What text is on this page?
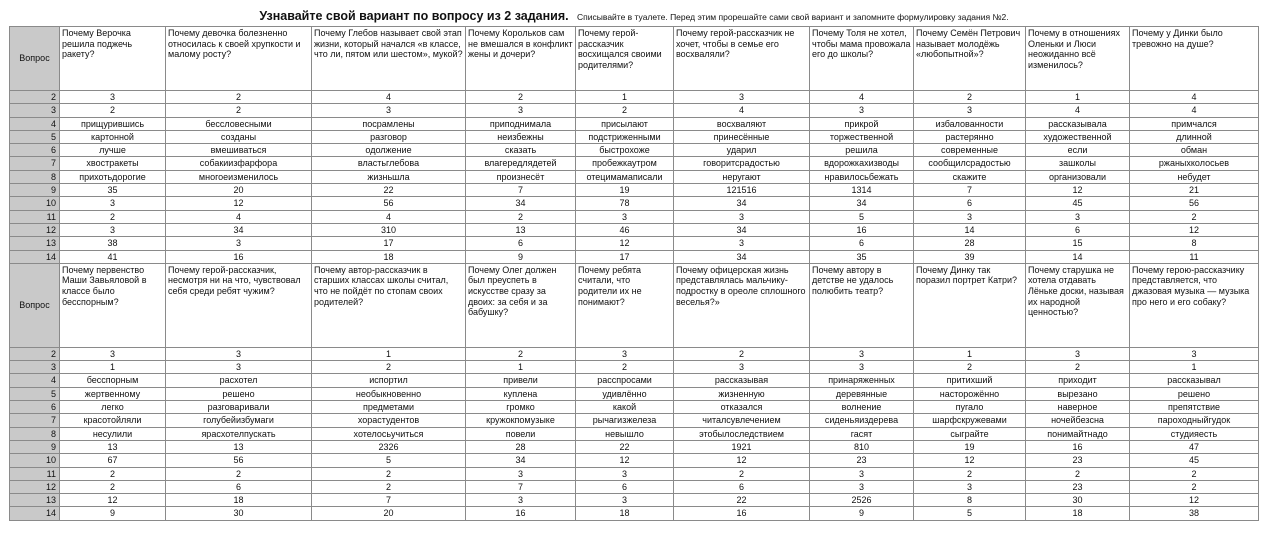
Узнавайте свой вариант по вопросу из 2 задания. Списывайте в туалете. Перед этим прорешайте сами свой вариант и запомните формулировку задания №2.
Вопрос	Почему Верочка решила поджечь ракету?	Почему девочка болезненно относилась к своей хрупкости и малому росту?	Почему Глебов называет свой этап жизни, который начался «в классе, что ли, пятом или шестом», мукой?	Почему Корольков сам не вмешался в конфликт жены и дочери?	Почему герой-рассказчик восхищался своими родителями?	Почему герой-рассказчик не хочет, чтобы в семье его восхваляли?	Почему Толя не хотел, чтобы мама провожала его до школы?	Почему Семён Петрович называет молодёжь «любопытной»?	Почему в отношениях Оленьки и Люси неожиданно всё изменилось?	Почему у Динки было тревожно на душе?
2	3	2	4	2	1	3	4	2	1	4
3	2	2	3	3	2	4	3	3	4	4
4	прищурившись	бессловесными	посрамлены	приподнимала	присылают	восхваляют	прикрой	избалованности	рассказывала	примчался
5	картонной	созданы	разговор	неизбежны	подстриженными	принесённые	торжественной	растерянно	художественной	длинной
6	лучше	вмешиваться	одолжение	сказать	быстрохоже	ударил	решила	современные	если	обман
7	хвостракеты	собакиизфарфора	властьглебова	влагередлядетей	пробежкаутром	говоритсрадостью	вдорожкахизводы	сообщилсрадостью	зашколы	ржаныхколосьев
8	прихотьдорогие	многоеизменилось	жизньшла	произнесёт	отецимамаписали	неругают	нравилосьбежать	скажите	организовали	небудет
9	35	20	22	7	19	121516	1314	7	12	21
10	3	12	56	34	78	34	34	6	45	56
11	2	4	4	2	3	3	5	3	3	2
12	3	34	310	13	46	34	16	14	6	12
13	38	3	17	6	12	3	6	28	15	8
14	41	16	18	9	17	34	35	39	14	11
Вопрос	Почему первенство Маши Завьяловой в классе было бесспорным?	Почему герой-рассказчик, несмотря ни на что, чувствовал себя среди ребят чужим?	Почему автор-рассказчик в старших классах школы считал, что не пойдёт по стопам своих родителей?	Почему Олег должен был преуспеть в искусстве сразу за двоих: за себя и за бабушку?	Почему ребята считали, что родители их не понимают?	Почему офицерская жизнь представлялась мальчику-подростку в ореоле сплошного веселья?»	Почему автору в детстве не удалось полюбить театр?	Почему Динку так поразил портрет Катри?	Почему старушка не хотела отдавать Лёньке доски, называя их народной ценностью?	Почему герою-рассказчику представляется, что джазовая музыка — музыка про него и его собаку?
2	3	3	1	2	3	2	3	1	3	3
3	1	3	2	1	2	3	3	2	2	1
4	бесспорным	расхотел	испортил	привели	расспросами	рассказывая	принаряженных	притихший	приходит	рассказывал
5	жертвенному	решено	необыкновенно	куплена	удивлённо	жизненную	деревянные	насторожённо	вырезано	решено
6	легко	разговаривали	предметами	громко	какой	отказался	волнение	пугало	наверное	препятствие
7	красотойляли	голубейизбумаги	хорастудентов	кружокпомузыке	рычагизжелеза	читалсувлечением	сиденьяиздерева	шарфскружевами	ночейбезсна	пароходныйгудок
8	несулили	ярасхотелпускать	хотелосьучиться	повели	невышло	этобылоследствием	гасят	сыграйте	понимайтнадо	студияесть
9	13	13	2326	28	22	1921	810	19	16	47
10	67	56	5	34	12	12	23	12	23	45
11	2	2	2	3	3	2	3	2	2	2
12	2	6	2	7	6	6	3	3	23	2
13	12	18	7	3	3	22	2526	8	30	12
14	9	30	20	16	18	16	9	5	18	38
